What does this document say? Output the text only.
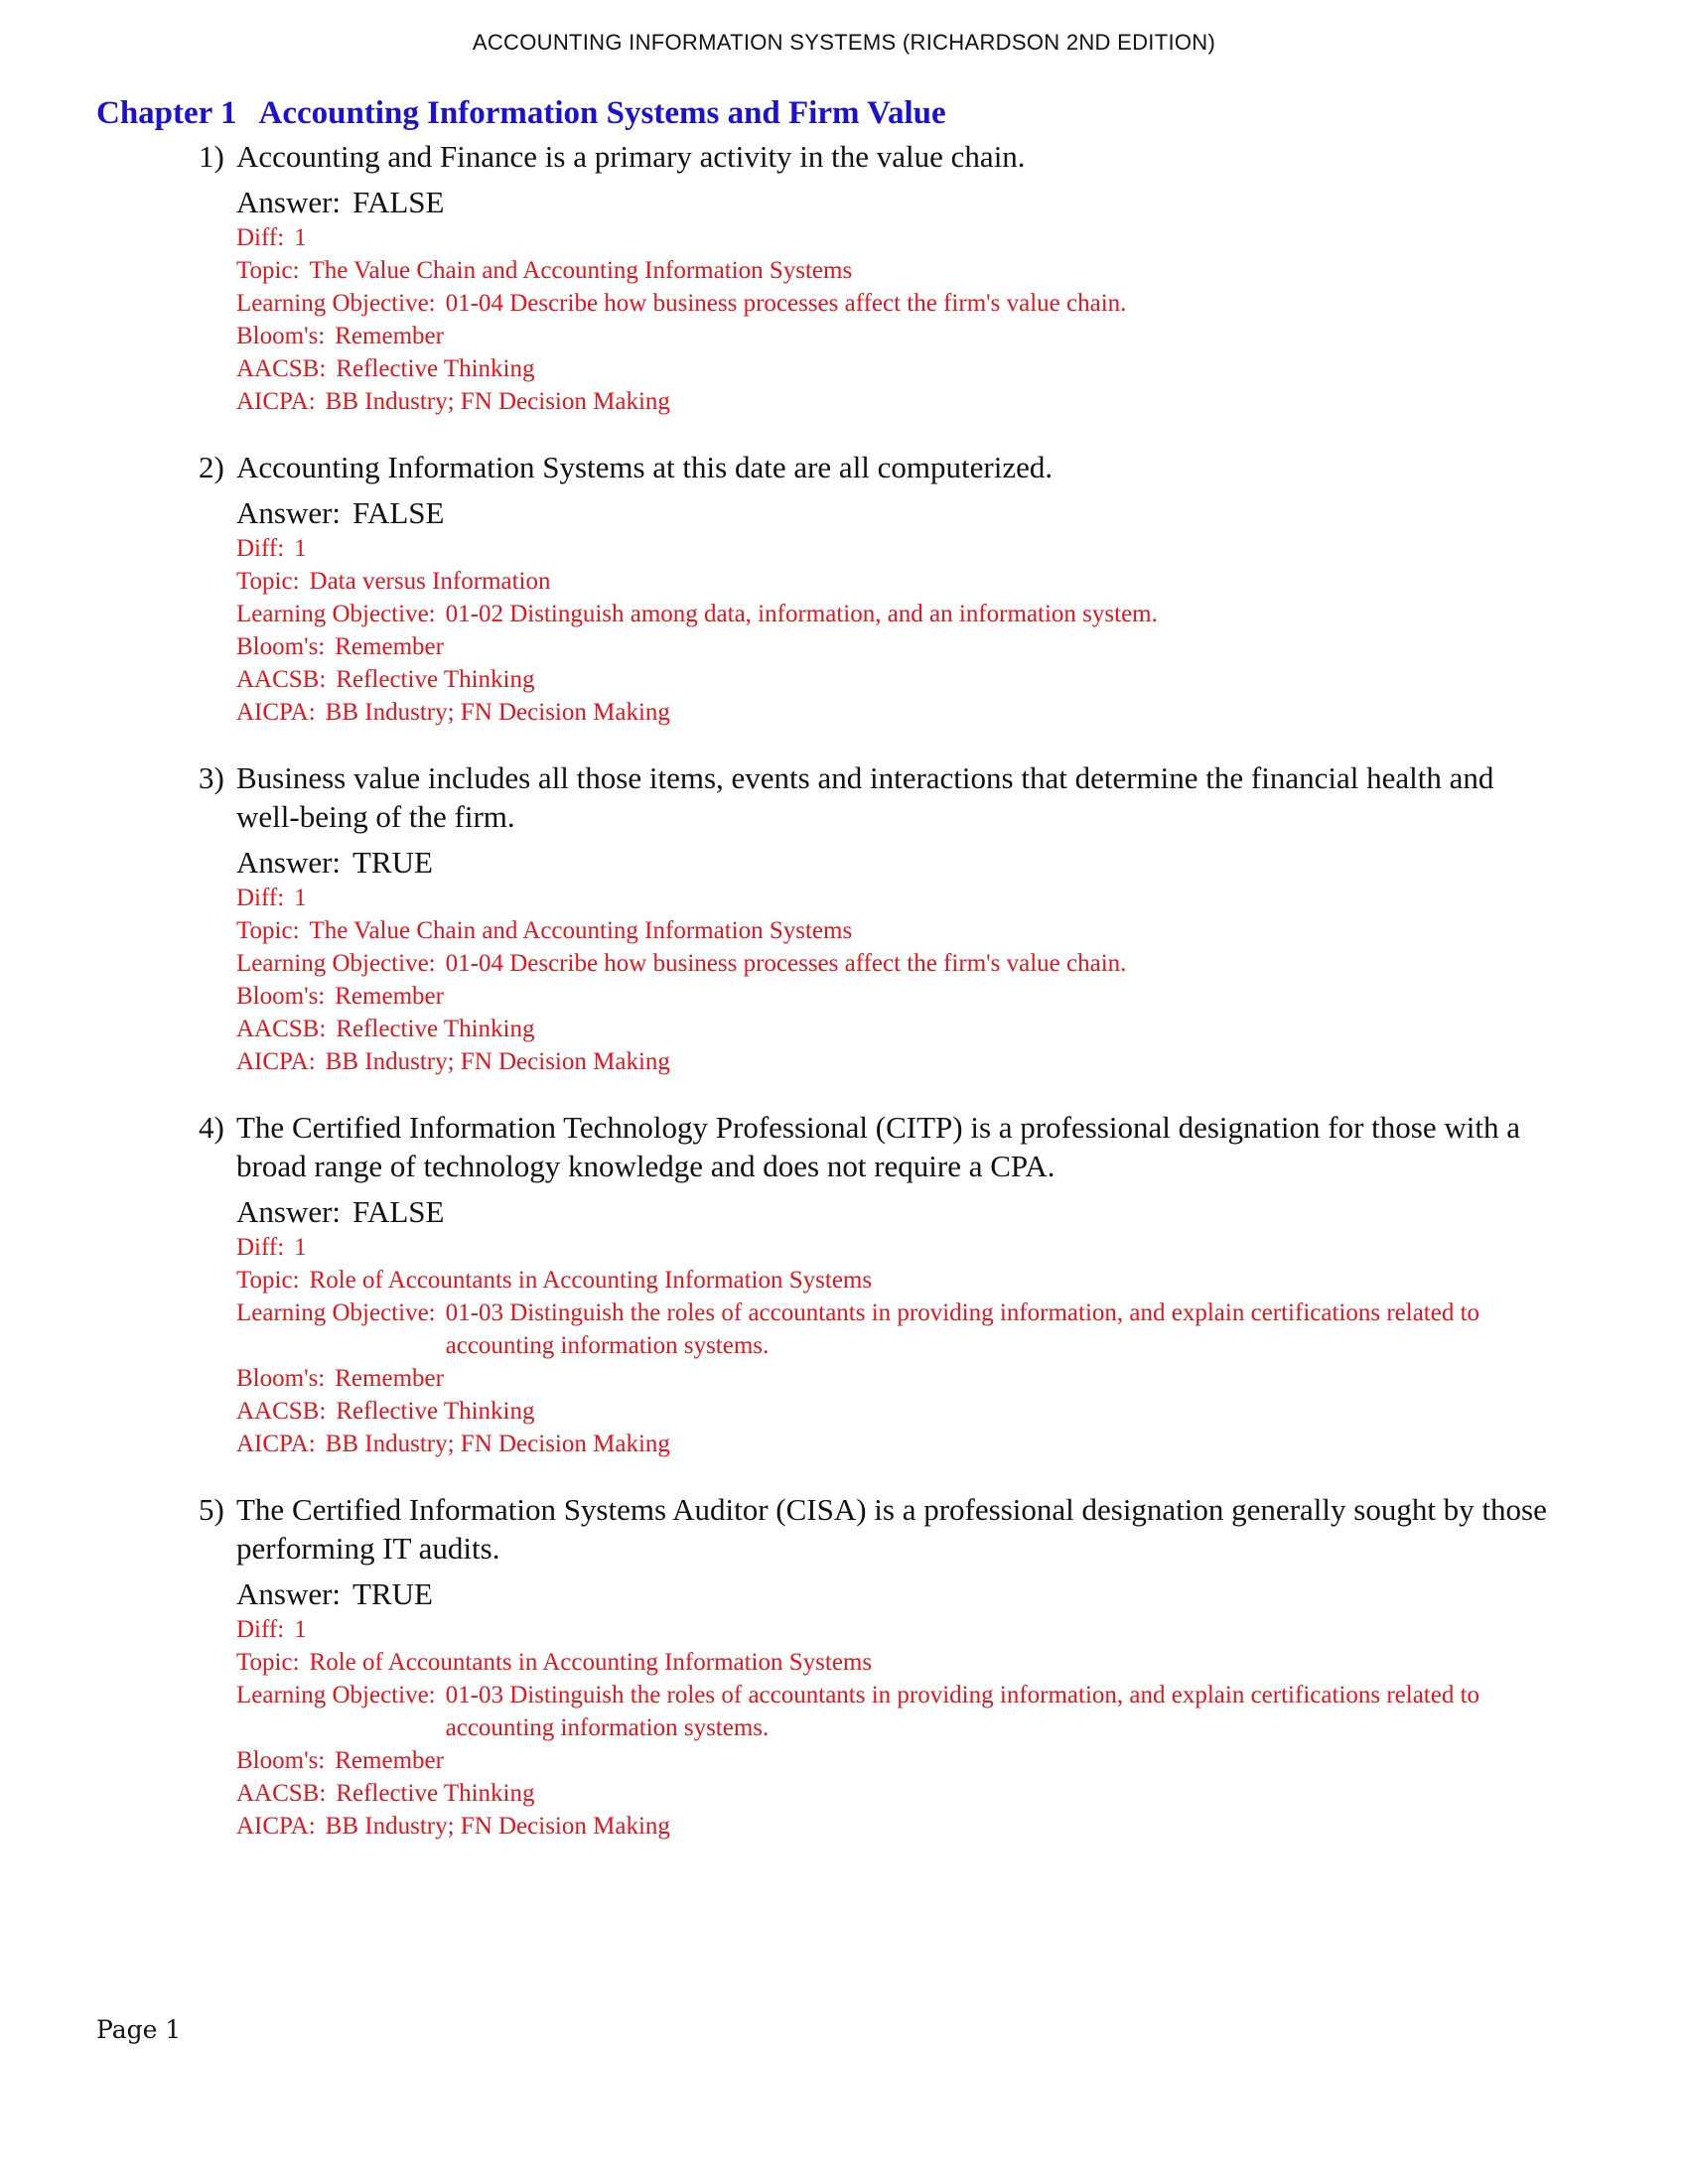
ACCOUNTING INFORMATION SYSTEMS (RICHARDSON 2ND EDITION)
Chapter 1 Accounting Information Systems and Firm Value
1) Accounting and Finance is a primary activity in the value chain.
Answer: FALSE
Diff: 1
Topic: The Value Chain and Accounting Information Systems
Learning Objective: 01-04 Describe how business processes affect the firm's value chain.
Bloom's: Remember
AACSB: Reflective Thinking
AICPA: BB Industry; FN Decision Making
2) Accounting Information Systems at this date are all computerized.
Answer: FALSE
Diff: 1
Topic: Data versus Information
Learning Objective: 01-02 Distinguish among data, information, and an information system.
Bloom's: Remember
AACSB: Reflective Thinking
AICPA: BB Industry; FN Decision Making
3) Business value includes all those items, events and interactions that determine the financial health and well-being of the firm.
Answer: TRUE
Diff: 1
Topic: The Value Chain and Accounting Information Systems
Learning Objective: 01-04 Describe how business processes affect the firm's value chain.
Bloom's: Remember
AACSB: Reflective Thinking
AICPA: BB Industry; FN Decision Making
4) The Certified Information Technology Professional (CITP) is a professional designation for those with a broad range of technology knowledge and does not require a CPA.
Answer: FALSE
Diff: 1
Topic: Role of Accountants in Accounting Information Systems
Learning Objective: 01-03 Distinguish the roles of accountants in providing information, and explain certifications related to accounting information systems.
Bloom's: Remember
AACSB: Reflective Thinking
AICPA: BB Industry; FN Decision Making
5) The Certified Information Systems Auditor (CISA) is a professional designation generally sought by those performing IT audits.
Answer: TRUE
Diff: 1
Topic: Role of Accountants in Accounting Information Systems
Learning Objective: 01-03 Distinguish the roles of accountants in providing information, and explain certifications related to accounting information systems.
Bloom's: Remember
AACSB: Reflective Thinking
AICPA: BB Industry; FN Decision Making
Page 1
